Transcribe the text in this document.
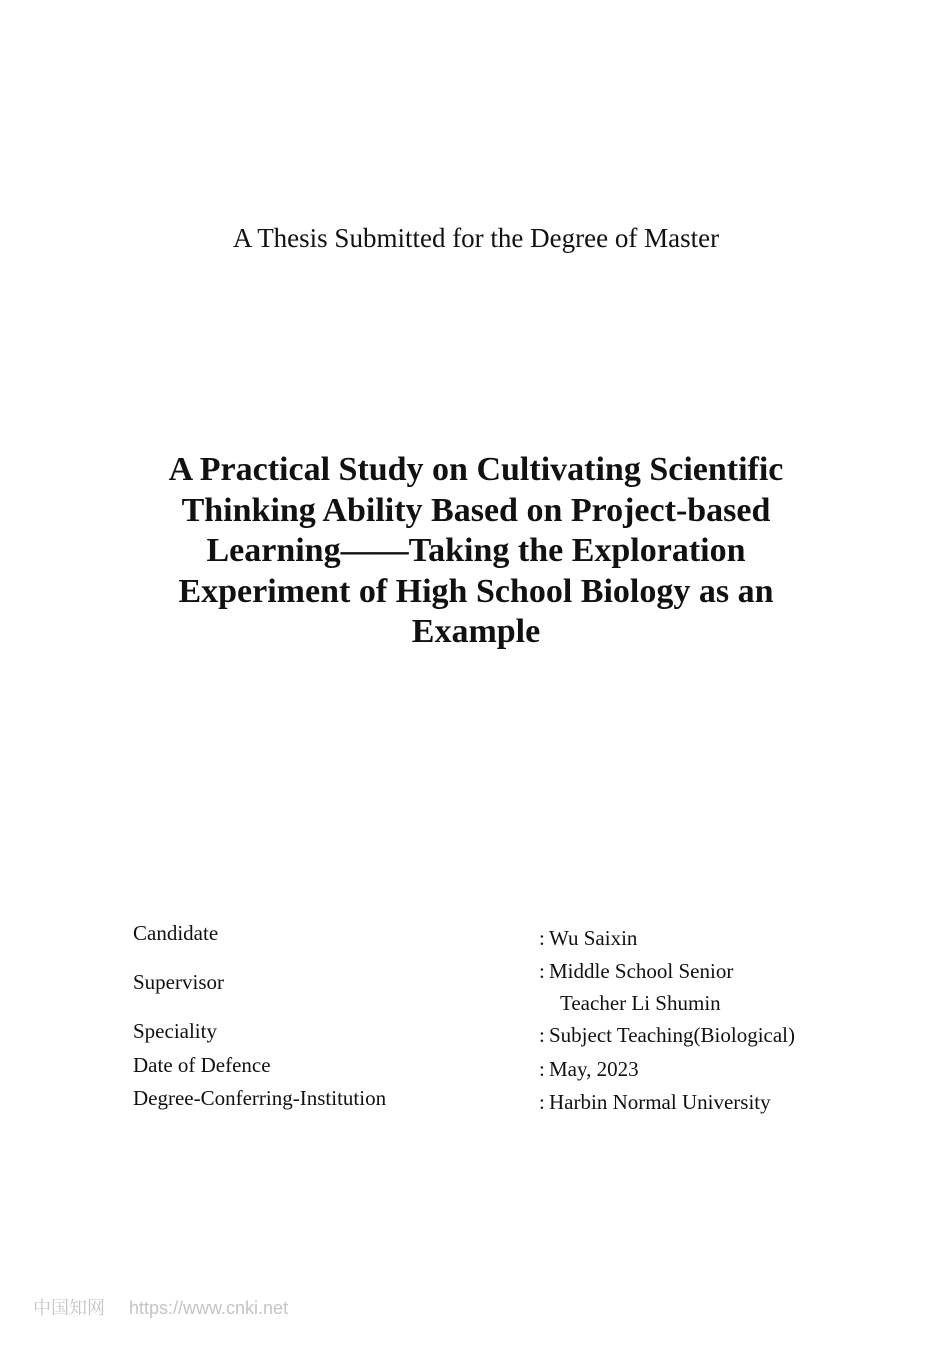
A Thesis Submitted for the Degree of Master
A Practical Study on Cultivating Scientific Thinking Ability Based on Project-based Learning——Taking the Exploration Experiment of High School Biology as an Example
Candidate	: Wu Saixin
Supervisor	: Middle School Senior
Teacher Li Shumin
Speciality	: Subject Teaching(Biological)
Date of Defence	: May, 2023
Degree-Conferring-Institution	: Harbin Normal University
中国知网 https://www.cnki.net
